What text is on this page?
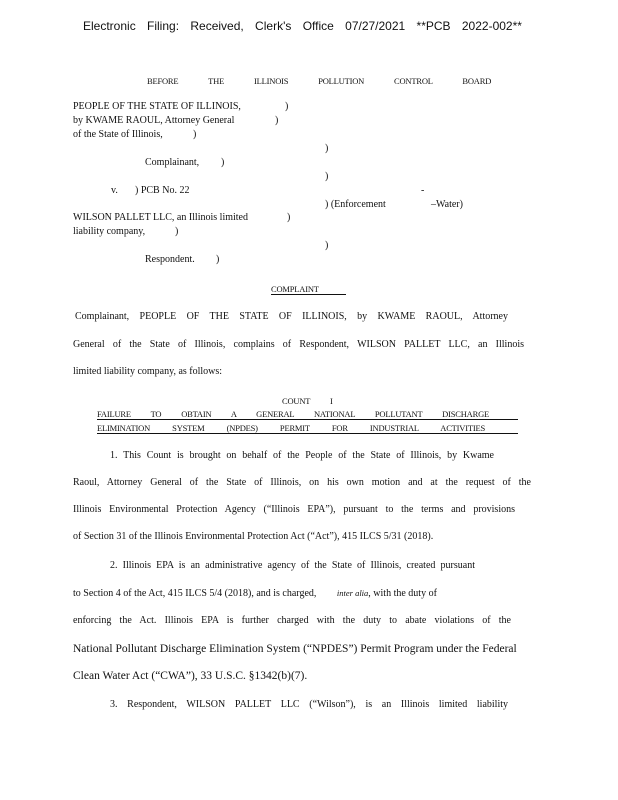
Electronic Filing: Received, Clerk's Office 07/27/2021 **PCB 2022-002**
BEFORE THE ILLINOIS POLLUTION CONTROL BOARD
PEOPLE OF THE STATE OF ILLINOIS,	)
by KWAME RAOUL, Attorney General	)
of the State of Illinois,	)
)
Complainant, )
)
v. ) PCB No. 22	-
) (Enforcement	–Water)
WILSON PALLET LLC, an Illinois limited	)
liability company,	)
)
Respondent. )
COMPLAINT
Complainant, PEOPLE OF THE STATE OF ILLINOIS, by KWAME RAOUL, Attorney
General of the State of Illinois, complains of Respondent, WILSON PALLET LLC, an Illinois
limited liability company, as follows:
COUNT I
FAILURE TO OBTAIN A GENERAL NATIONAL POLLUTANT DISCHARGE
ELIMINATION SYSTEM (NPDES) PERMIT FOR INDUSTRIAL ACTIVITIES
1. This Count is brought on behalf of the People of the State of Illinois, by Kwame
Raoul, Attorney General of the State of Illinois, on his own motion and at the request of the
Illinois Environmental Protection Agency (“Illinois EPA”), pursuant to the terms and provisions
of Section 31 of the Illinois Environmental Protection Act (“Act”), 415 ILCS 5/31 (2018).
2. Illinois EPA is an administrative agency of the State of Illinois, created pursuant
to Section 4 of the Act, 415 ILCS 5/4 (2018), and is charged, inter alia, with the duty of
enforcing the Act. Illinois EPA is further charged with the duty to abate violations of the
National Pollutant Discharge Elimination System (“NPDES”) Permit Program under the Federal
Clean Water Act (“CWA”), 33 U.S.C. §1342(b)(7).
3. Respondent, WILSON PALLET LLC (“Wilson”), is an Illinois limited liability
